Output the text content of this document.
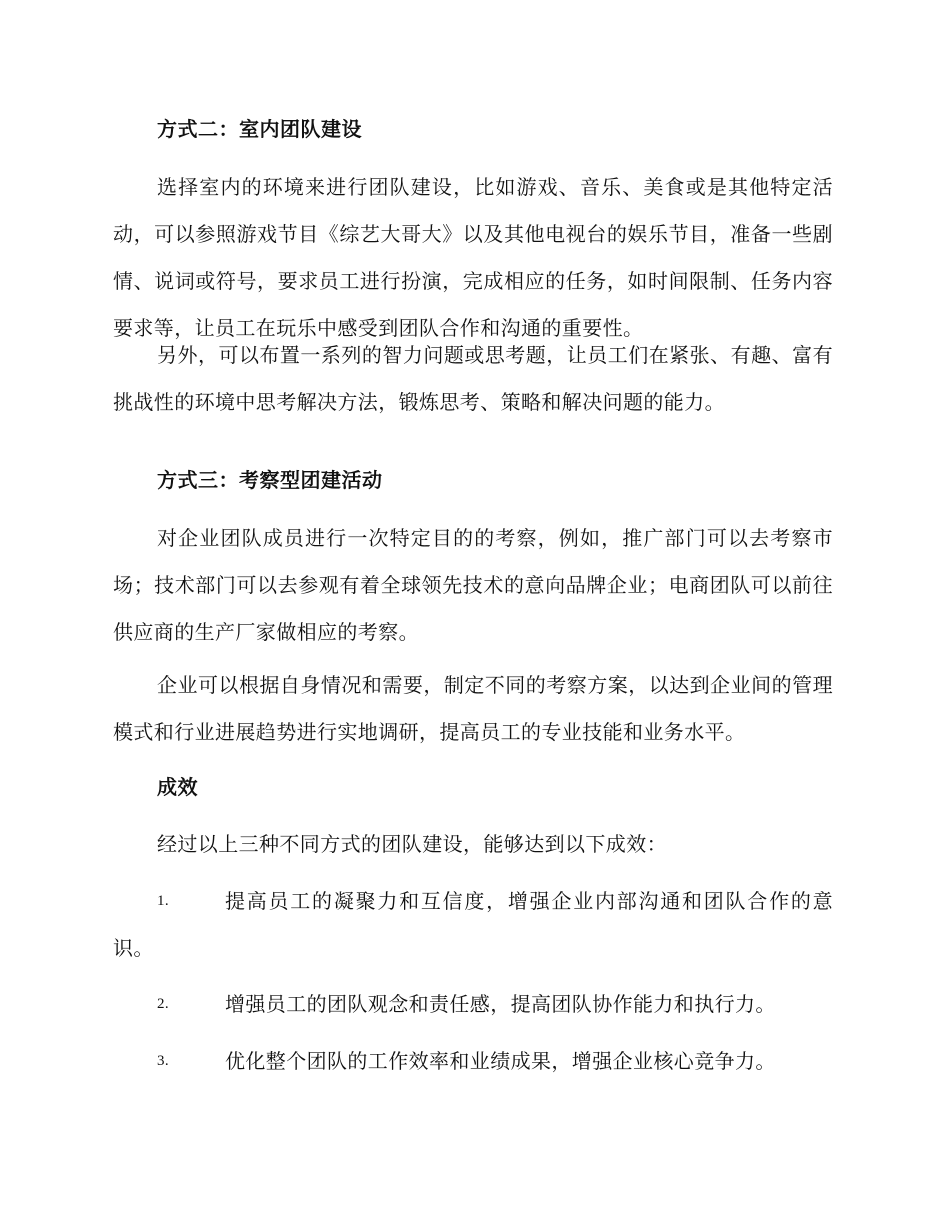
方式二：室内团队建设
选择室内的环境来进行团队建设，比如游戏、音乐、美食或是其他特定活动，可以参照游戏节目《综艺大哥大》以及其他电视台的娱乐节目，准备一些剧情、说词或符号，要求员工进行扮演，完成相应的任务，如时间限制、任务内容要求等，让员工在玩乐中感受到团队合作和沟通的重要性。
另外，可以布置一系列的智力问题或思考题，让员工们在紧张、有趣、富有挑战性的环境中思考解决方法，锻炼思考、策略和解决问题的能力。
方式三：考察型团建活动
对企业团队成员进行一次特定目的的考察，例如，推广部门可以去考察市场；技术部门可以去参观有着全球领先技术的意向品牌企业；电商团队可以前往供应商的生产厂家做相应的考察。
企业可以根据自身情况和需要，制定不同的考察方案，以达到企业间的管理模式和行业进展趋势进行实地调研，提高员工的专业技能和业务水平。
成效
经过以上三种不同方式的团队建设，能够达到以下成效：
1.	提高员工的凝聚力和互信度，增强企业内部沟通和团队合作的意识。
2.	增强员工的团队观念和责任感，提高团队协作能力和执行力。
3.	优化整个团队的工作效率和业绩成果，增强企业核心竞争力。
